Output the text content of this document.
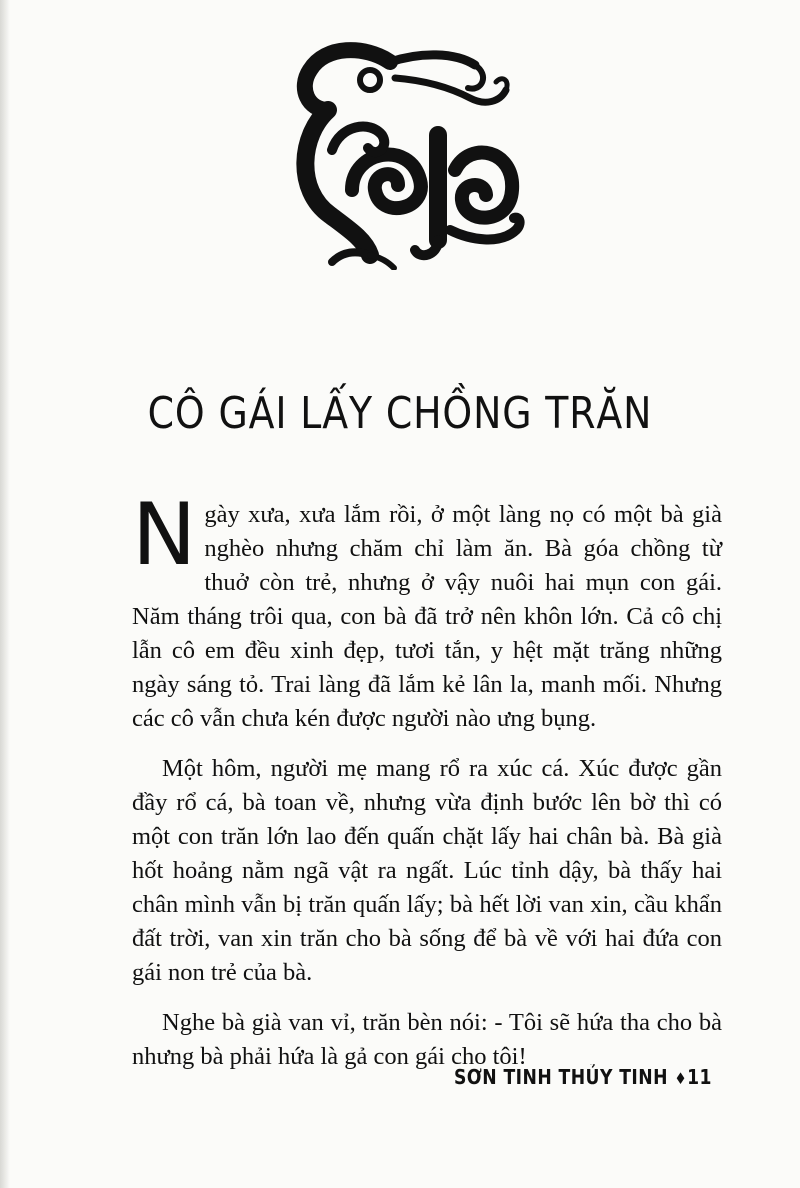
CÔ GÁI LẤY CHỒNG TRĂN

Ngày xưa, xưa lắm rồi, ở một làng nọ có một bà già nghèo nhưng chăm chỉ làm ăn. Bà góa chồng từ thuở còn trẻ, nhưng ở vậy nuôi hai mụn con gái. Năm tháng trôi qua, con bà đã trở nên khôn lớn. Cả cô chị lẫn cô em đều xinh đẹp, tươi tắn, y hệt mặt trăng những ngày sáng tỏ. Trai làng đã lắm kẻ lân la, manh mối. Nhưng các cô vẫn chưa kén được người nào ưng bụng.

Một hôm, người mẹ mang rổ ra xúc cá. Xúc được gần đầy rổ cá, bà toan về, nhưng vừa định bước lên bờ thì có một con trăn lớn lao đến quấn chặt lấy hai chân bà. Bà già hốt hoảng nằm ngã vật ra ngất. Lúc tỉnh dậy, bà thấy hai chân mình vẫn bị trăn quấn lấy; bà hết lời van xin, cầu khẩn đất trời, van xin trăn cho bà sống để bà về với hai đứa con gái non trẻ của bà.

Nghe bà già van vỉ, trăn bèn nói: - Tôi sẽ hứa tha cho bà nhưng bà phải hứa là gả con gái cho tôi!

SƠN TINH THỦY TINH ♦11
